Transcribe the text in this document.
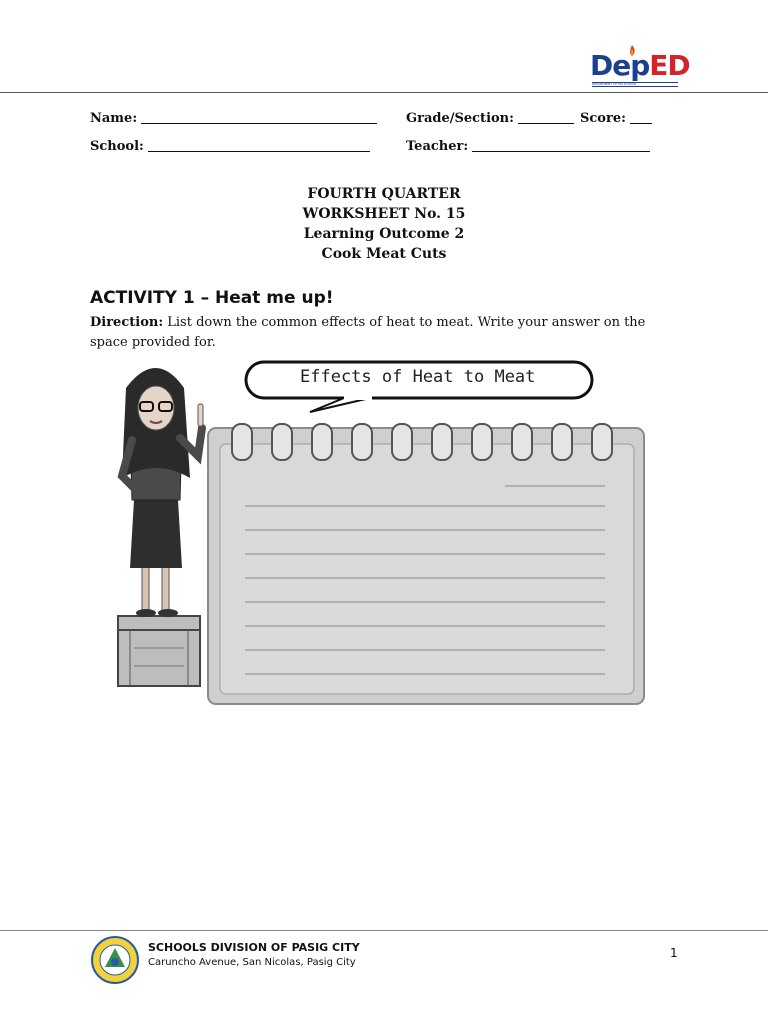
DepED
DEPARTMENT OF EDUCATION
Name:	Grade/Section:	Score:
School:	Teacher:
FOURTH QUARTER
WORKSHEET No. 15
Learning Outcome 2
Cook Meat Cuts
ACTIVITY 1 – Heat me up!
Direction: List down the common effects of heat to meat. Write your answer on the space provided for.
Effects of Heat to Meat
SCHOOLS DIVISION OF PASIG CITY
Caruncho Avenue, San Nicolas, Pasig City
1
